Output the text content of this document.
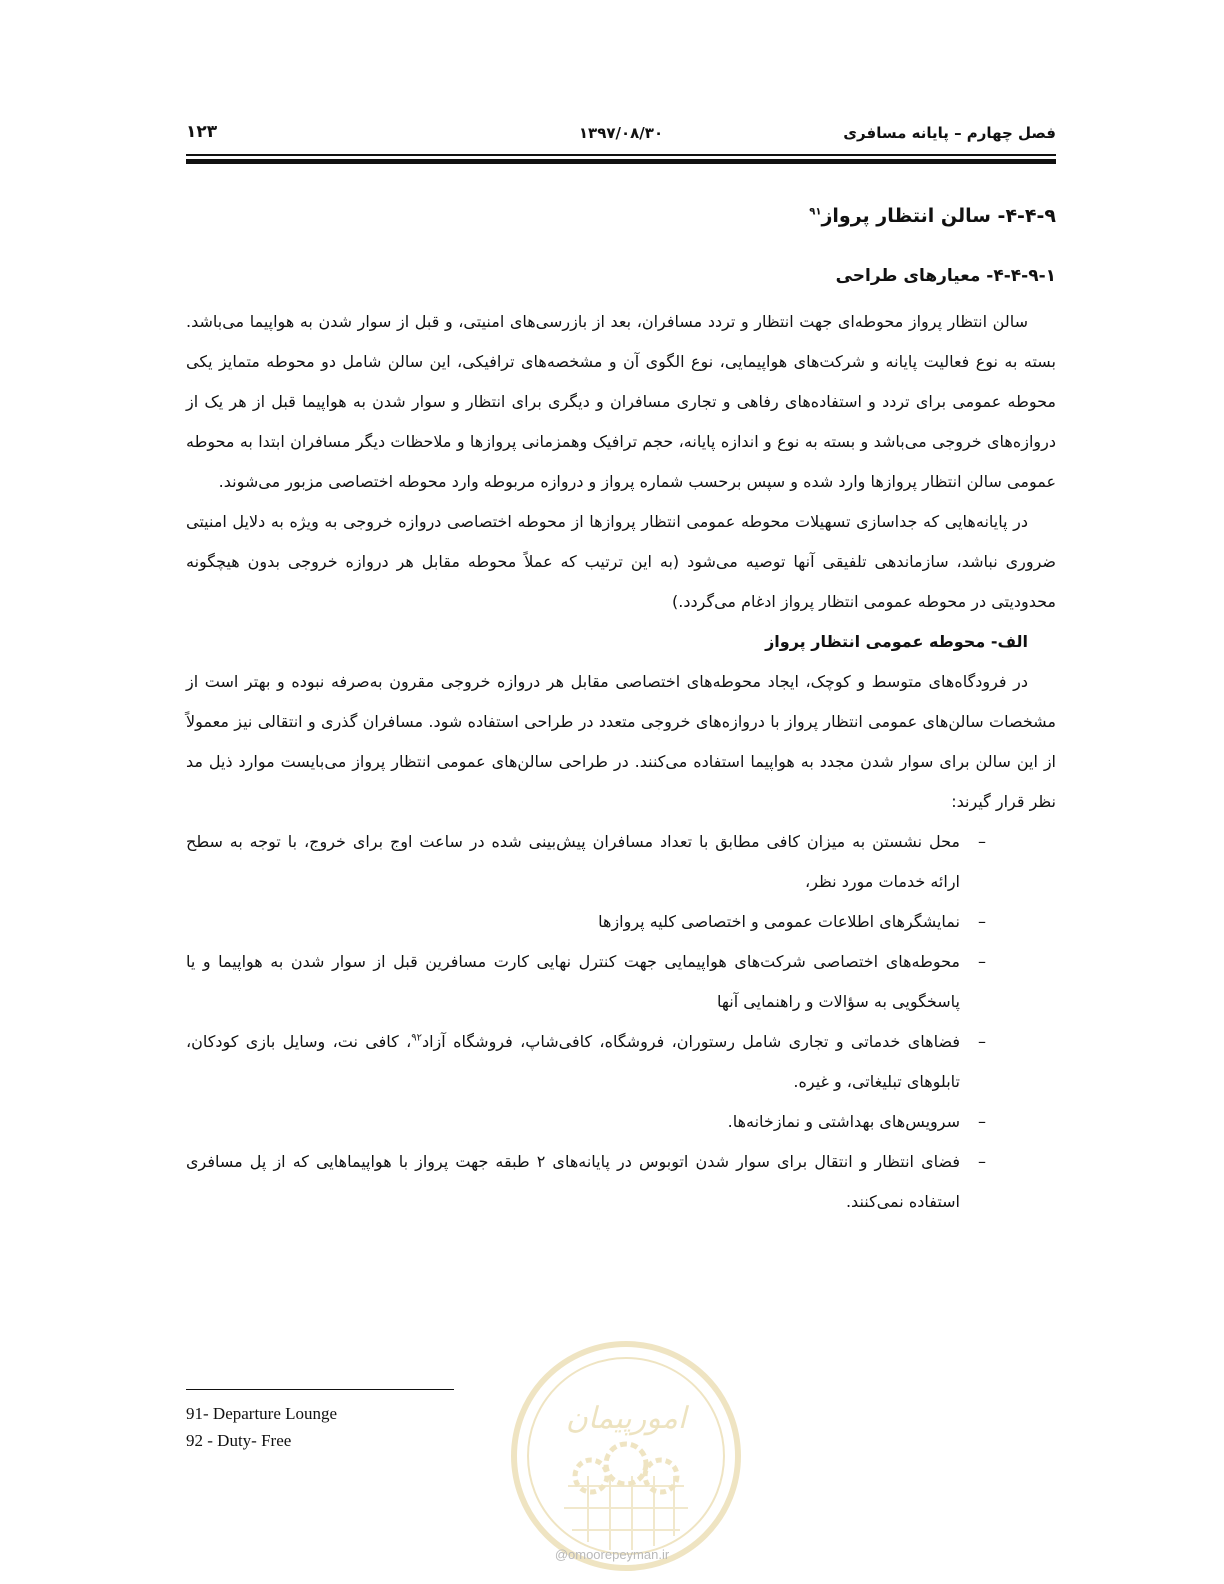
فصل چهارم – پایانه مسافری
۱۳۹۷/۰۸/۳۰
۱۲۳
۴-۴-۹- سالن انتظار پرواز$^{۹۱}$
۴-۴-۹-۱- معیارهای طراحی

سالن انتظار پرواز محوطه‌ای جهت انتظار و تردد مسافران، بعد از بازرسی‌های امنیتی، و قبل از سوار شدن به هواپیما می‌باشد. بسته به نوع فعالیت پایانه و شرکت‌های هواپیمایی، نوع الگوی آن و مشخصه‌های ترافیکی، این سالن شامل دو محوطه متمایز یکی محوطه عمومی برای تردد و استفاده‌های رفاهی و تجاری مسافران و دیگری برای انتظار و سوار شدن به هواپیما قبل از هر یک از دروازه‌های خروجی می‌باشد و بسته به نوع و اندازه پایانه، حجم ترافیک وهمزمانی پروازها و ملاحظات دیگر مسافران ابتدا به محوطه عمومی سالن انتظار پروازها وارد شده و سپس برحسب شماره پرواز و دروازه مربوطه وارد محوطه اختصاصی مزبور می‌شوند.

در پایانه‌هایی که جداسازی تسهیلات محوطه عمومی انتظار پروازها از محوطه اختصاصی دروازه خروجی به ویژه به دلایل امنیتی ضروری نباشد، سازماندهی تلفیقی آنها توصیه می‌شود (به این ترتیب که عملاً محوطه مقابل هر دروازه خروجی بدون هیچگونه محدودیتی در محوطه عمومی انتظار پرواز ادغام می‌گردد.)

الف- محوطه عمومی انتظار پرواز

در فرودگاه‌های متوسط و کوچک، ایجاد محوطه‌های اختصاصی مقابل هر دروازه خروجی مقرون به‌صرفه نبوده و بهتر است از مشخصات سالن‌های عمومی انتظار پرواز با دروازه‌های خروجی متعدد در طراحی استفاده شود. مسافران گذری و انتقالی نیز معمولاً از این سالن برای سوار شدن مجدد به هواپیما استفاده می‌کنند. در طراحی سالن‌های عمومی انتظار پرواز می‌بایست موارد ذیل مد نظر قرار گیرند:

–
محل نشستن به میزان کافی مطابق با تعداد مسافران پیش‌بینی شده در ساعت اوج برای خروج، با توجه به سطح ارائه خدمات مورد نظر،
–
نمایشگرهای اطلاعات عمومی و اختصاصی کلیه پروازها
–
محوطه‌های اختصاصی شرکت‌های هواپیمایی جهت کنترل نهایی کارت مسافرین قبل از سوار شدن به هواپیما و یا پاسخگویی به سؤالات و راهنمایی آنها
–
فضاهای خدماتی و تجاری شامل رستوران، فروشگاه، کافی‌شاپ، فروشگاه آزاد$^{۹۲}$، کافی نت، وسایل بازی کودکان، تابلوهای تبلیغاتی، و غیره.
–
سرویس‌های بهداشتی و نمازخانه‌ها.
–
فضای انتظار و انتقال برای سوار شدن اتوبوس در پایانه‌های ۲ طبقه جهت پرواز با هواپیماهایی که از پل مسافری استفاده نمی‌کنند.
91- Departure Lounge
92 - Duty- Free
امورپیمان
@omoorepeyman.ir
